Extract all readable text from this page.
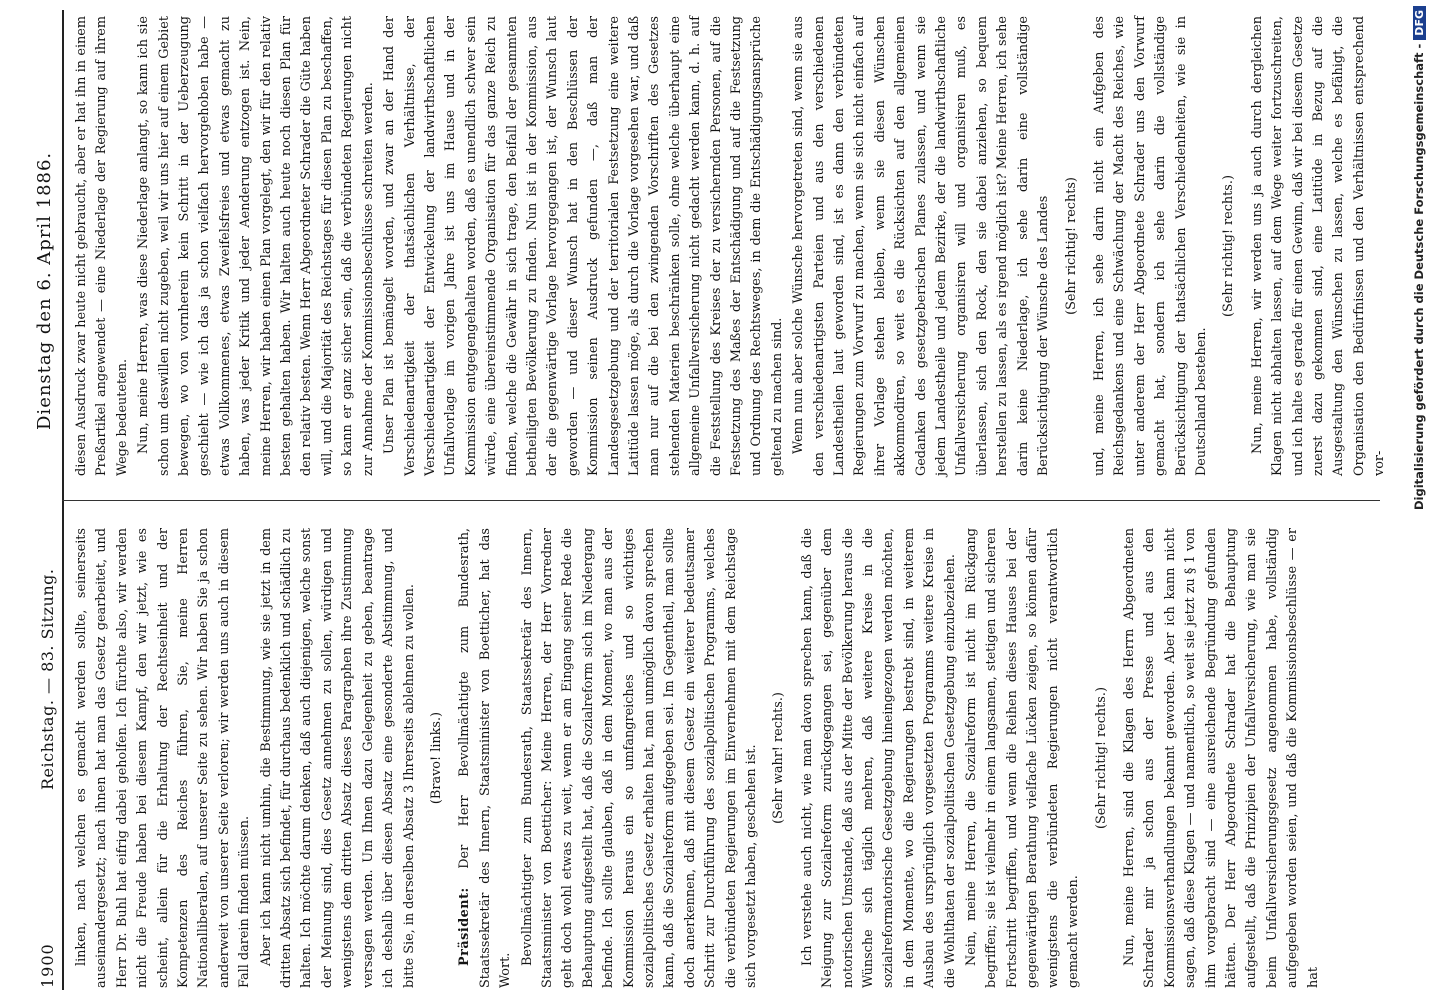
1900
Reichstag. — 83. Sitzung.
Dienstag den 6. April 1886.

linken, nach welchen es gemacht werden sollte, seinerseits auseinandergesetzt; nach ihnen hat man das Gesetz gearbeitet, und Herr Dr. Buhl hat eifrig dabei geholfen. Ich fürchte also, wir werden nicht die Freude haben bei diesem Kampf, den wir jetzt, wie es scheint, allein für die Erhaltung der Rechtseinheit und der Kompetenzen des Reiches führen, Sie, meine Herren Nationalliberalen, auf unserer Seite zu sehen. Wir haben Sie ja schon anderweit von unserer Seite verloren; wir werden uns auch in diesem Fall darein finden müssen. Aber ich kann nicht umhin, die Bestimmung, wie sie jetzt in dem dritten Absatz sich befindet, für durchaus bedenklich und schädlich zu halten. Ich möchte darum denken, daß auch diejenigen, welche sonst der Meinung sind, dies Gesetz annehmen zu sollen, würdigen und wenigstens dem dritten Absatz dieses Paragraphen ihre Zustimmung versagen werden. Um Ihnen dazu Gelegenheit zu geben, beantrage ich deshalb über diesen Absatz eine gesonderte Abstimmung, und bitte Sie, in derselben Absatz 3 Ihrerseits ablehnen zu wollen. (Bravo! links.)

Präsident: Der Herr Bevollmächtigte zum Bundesrath, Staatssekretär des Innern, Staatsminister von Boetticher, hat das Wort.

Bevollmächtigter zum Bundesrath, Staatssekretär des Innern, Staatsminister von Boetticher: Meine Herren, der Herr Vorredner geht doch wohl etwas zu weit, wenn er am Eingang seiner Rede die Behauptung aufgestellt hat, daß die Sozialreform sich im Niedergang befinde. Ich sollte glauben, daß in dem Moment, wo man aus der Kommission heraus ein so umfangreiches und so wichtiges sozialpolitisches Gesetz erhalten hat, man unmöglich davon sprechen kann, daß die Sozialreform aufgegeben sei. Im Gegentheil, man sollte doch anerkennen, daß mit diesem Gesetz ein weiterer bedeutsamer Schritt zur Durchführung des sozialpolitischen Programms, welches die verbündeten Regierungen im Einvernehmen mit dem Reichstage sich vorgesetzt haben, geschehen ist. (Sehr wahr! rechts.) Ich verstehe auch nicht, wie man davon sprechen kann, daß die Neigung zur Sozialreform zurückgegangen sei, gegenüber dem notorischen Umstande, daß aus der Mitte der Bevölkerung heraus die Wünsche sich täglich mehren, daß weitere Kreise in die sozialreformatorische Gesetzgebung hineingezogen werden möchten, in dem Momente, wo die Regierungen bestrebt sind, in weiterem Ausbau des ursprünglich vorgesetzten Programms weitere Kreise in die Wohlthaten der sozialpolitischen Gesetzgebung einzubeziehen. Nein, meine Herren, die Sozialreform ist nicht im Rückgang begriffen; sie ist vielmehr in einem langsamen, stetigen und sicheren Fortschritt begriffen, und wenn die Reihen dieses Hauses bei der gegenwärtigen Berathung vielfache Lücken zeigen, so können dafür wenigstens die verbündeten Regierungen nicht verantwortlich gemacht werden.

(Sehr richtig! rechts.) Nun, meine Herren, sind die Klagen des Herrn Abgeordneten Schrader mir ja schon aus der Presse und aus den Kommissionsverhandlungen bekannt geworden. Aber ich kann nicht sagen, daß diese Klagen — und namentlich, so weit sie jetzt zu § 1 von ihm vorgebracht sind — eine ausreichende Begründung gefunden hätten. Der Herr Abgeordnete Schrader hat die Behauptung aufgestellt, daß die Prinzipien der Unfallversicherung, wie man sie beim Unfallversicherungsgesetz angenommen habe, vollständig aufgegeben worden seien, und daß die Kommissionsbeschlüsse — er hat

diesen Ausdruck zwar heute nicht gebraucht, aber er hat ihn in einem Preßartikel angewendet — eine Niederlage der Regierung auf ihrem Wege bedeuteten. Nun, meine Herren, was diese Niederlage anlangt, so kann ich sie schon um deswillen nicht zugeben, weil wir uns hier auf einem Gebiet bewegen, wo von vornherein kein Schritt in der Ueberzeugung geschieht — wie ich das ja schon vielfach hervorgehoben habe — etwas Vollkommenes, etwas Zweifelsfreies und etwas gemacht zu haben, was jeder Kritik und jeder Aenderung entzogen ist. Nein, meine Herren, wir haben einen Plan vorgelegt, den wir für den relativ besten gehalten haben. Wir halten auch heute noch diesen Plan für den relativ besten. Wenn Herr Abgeordneter Schrader die Güte haben will, und die Majorität des Reichstages für diesen Plan zu beschaffen, so kann er ganz sicher sein, daß die verbündeten Regierungen nicht zur Annahme der Kommissionsbeschlüsse schreiten werden. Unser Plan ist bemängelt worden, und zwar an der Hand der Verschiedenartigkeit der thatsächlichen Verhältnisse, der Verschiedenartigkeit der Entwickelung der landwirthschaftlichen Unfallvorlage im vorigen Jahre ist uns im Hause und in der Kommission entgegengehalten worden, daß es unendlich schwer sein würde, eine übereinstimmende Organisation für das ganze Reich zu finden, welche die Gewähr in sich trage, den Beifall der gesammten betheiligten Bevölkerung zu finden. Nun ist in der Kommission, aus der die gegenwärtige Vorlage hervorgegangen ist, der Wunsch laut geworden — und dieser Wunsch hat in den Beschlüssen der Kommission seinen Ausdruck gefunden —, daß man der Landesgesetzgebung und der territorialen Festsetzung eine weitere Latitüde lassen möge, als durch die Vorlage vorgesehen war, und daß man nur auf die bei den zwingenden Vorschriften des Gesetzes stehenden Materien beschränken solle, ohne welche überhaupt eine allgemeine Unfallversicherung nicht gedacht werden kann, d. h. auf die Feststellung des Kreises der zu versichernden Personen, auf die Festsetzung des Maßes der Entschädigung und auf die Festsetzung und Ordnung des Rechtsweges, in dem die Entschädigungsansprüche geltend zu machen sind. Wenn nun aber solche Wünsche hervorgetreten sind, wenn sie aus den verschiedenartigsten Parteien und aus den verschiedenen Landestheilen laut geworden sind, ist es dann den verbündeten Regierungen zum Vorwurf zu machen, wenn sie sich nicht einfach auf ihrer Vorlage stehen bleiben, wenn sie diesen Wünschen akkommodiren, so weit es die Rücksichten auf den allgemeinen Gedanken des gesetzgeberischen Planes zulassen, und wenn sie jedem Landestheile und jedem Bezirke, der die landwirthschaftliche Unfallversicherung organisiren will und organisiren muß, es überlassen, sich den Rock, den sie dabei anziehen, so bequem herstellen zu lassen, als es irgend möglich ist? Meine Herren, ich sehe darin keine Niederlage, ich sehe darin eine vollständige Berücksichtigung der Wünsche des Landes (Sehr richtig! rechts) und, meine Herren, ich sehe darin nicht ein Aufgeben des Reichsgedankens und eine Schwächung der Macht des Reiches, wie unter anderem der Herr Abgeordnete Schrader uns den Vorwurf gemacht hat, sondern ich sehe darin die vollständige Berücksichtigung der thatsächlichen Verschiedenheiten, wie sie in Deutschland bestehen.

(Sehr richtig! rechts.) Nun, meine Herren, wir werden uns ja auch durch dergleichen Klagen nicht abhalten lassen, auf dem Wege weiter fortzuschreiten, und ich halte es gerade für einen Gewinn, daß wir bei diesem Gesetze zuerst dazu gekommen sind, eine Latitüde in Bezug auf die Ausgestaltung den Wünschen zu lassen, welche es befähigt, die Organisation den Bedürfnissen und den Verhältnissen entsprechend vor- Digitalisierung gefördert durch die Deutsche Forschungsgemeinschaft -DFG
